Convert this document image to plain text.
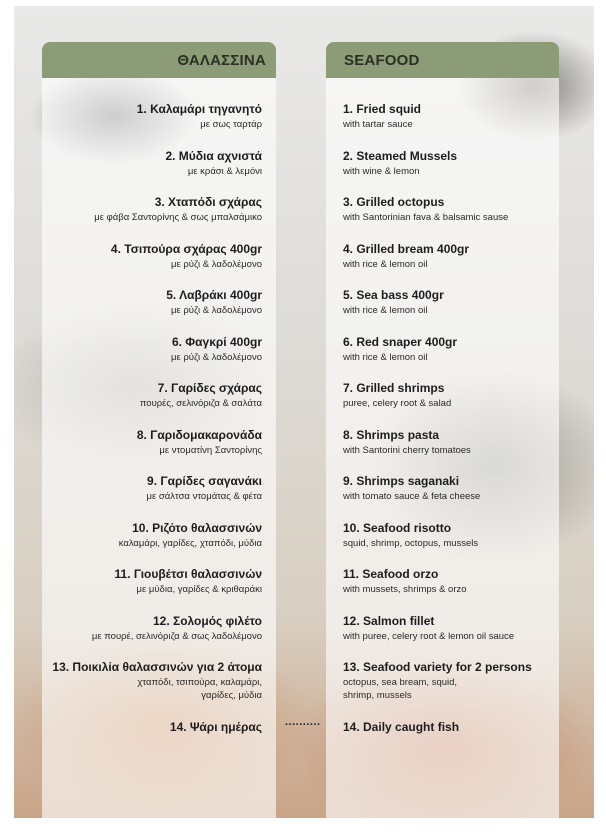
ΘΑΛΑΣΣΙΝΑ
1. Καλαμάρι τηγανητό
με σως ταρτάρ
2. Μύδια αχνιστά
με κράσι & λεμόνι
3. Χταπόδι σχάρας
με φάβα Σαντορίνης & σως μπαλσάμικο
4. Τσιπούρα σχάρας 400gr
με ρύζι & λαδολέμονο
5. Λαβράκι 400gr
με ρύζι & λαδολέμονο
6. Φαγκρί 400gr
με ρύζι & λαδολέμονο
7. Γαρίδες σχάρας
πουρές, σελινόριζα & σαλάτα
8. Γαριδομακαρονάδα
με ντοματίνη Σαντορίνης
9. Γαρίδες σαγανάκι
με σάλτσα ντομάτας & φέτα
10. Ριζότο θαλασσινών
καλαμάρι, γαρίδες, χταπόδι, μύδια
11. Γιουβέτσι θαλασσινών
με μύδια, γαρίδες & κριθαράκι
12. Σολομός φιλέτο
με πουρέ, σελινόριζα & σως λαδολέμονο
13. Ποικιλία θαλασσινών για 2 άτομα
χταπόδι, τσιπούρα, καλαμάρι,
γαρίδες, μύδια
14. Ψάρι ημέρας
SEAFOOD
1. Fried squid
with tartar sauce
2. Steamed Mussels
with wine & lemon
3. Grilled octopus
with Santorinian fava & balsamic sause
4. Grilled bream 400gr
with rice & lemon oil
5. Sea bass 400gr
with rice & lemon oil
6. Red snaper 400gr
with rice & lemon oil
7. Grilled shrimps
puree, celery root & salad
8. Shrimps pasta
with Santorini cherry tomatoes
9. Shrimps saganaki
with tomato sauce & feta cheese
10. Seafood risotto
squid, shrimp, octopus, mussels
11. Seafood orzo
with mussets, shrimps & orzo
12. Salmon fillet
with puree, celery root & lemon oil sauce
13. Seafood variety for 2 persons
octopus, sea bream, squid,
shrimp, mussels
14. Daily caught fish
..........
